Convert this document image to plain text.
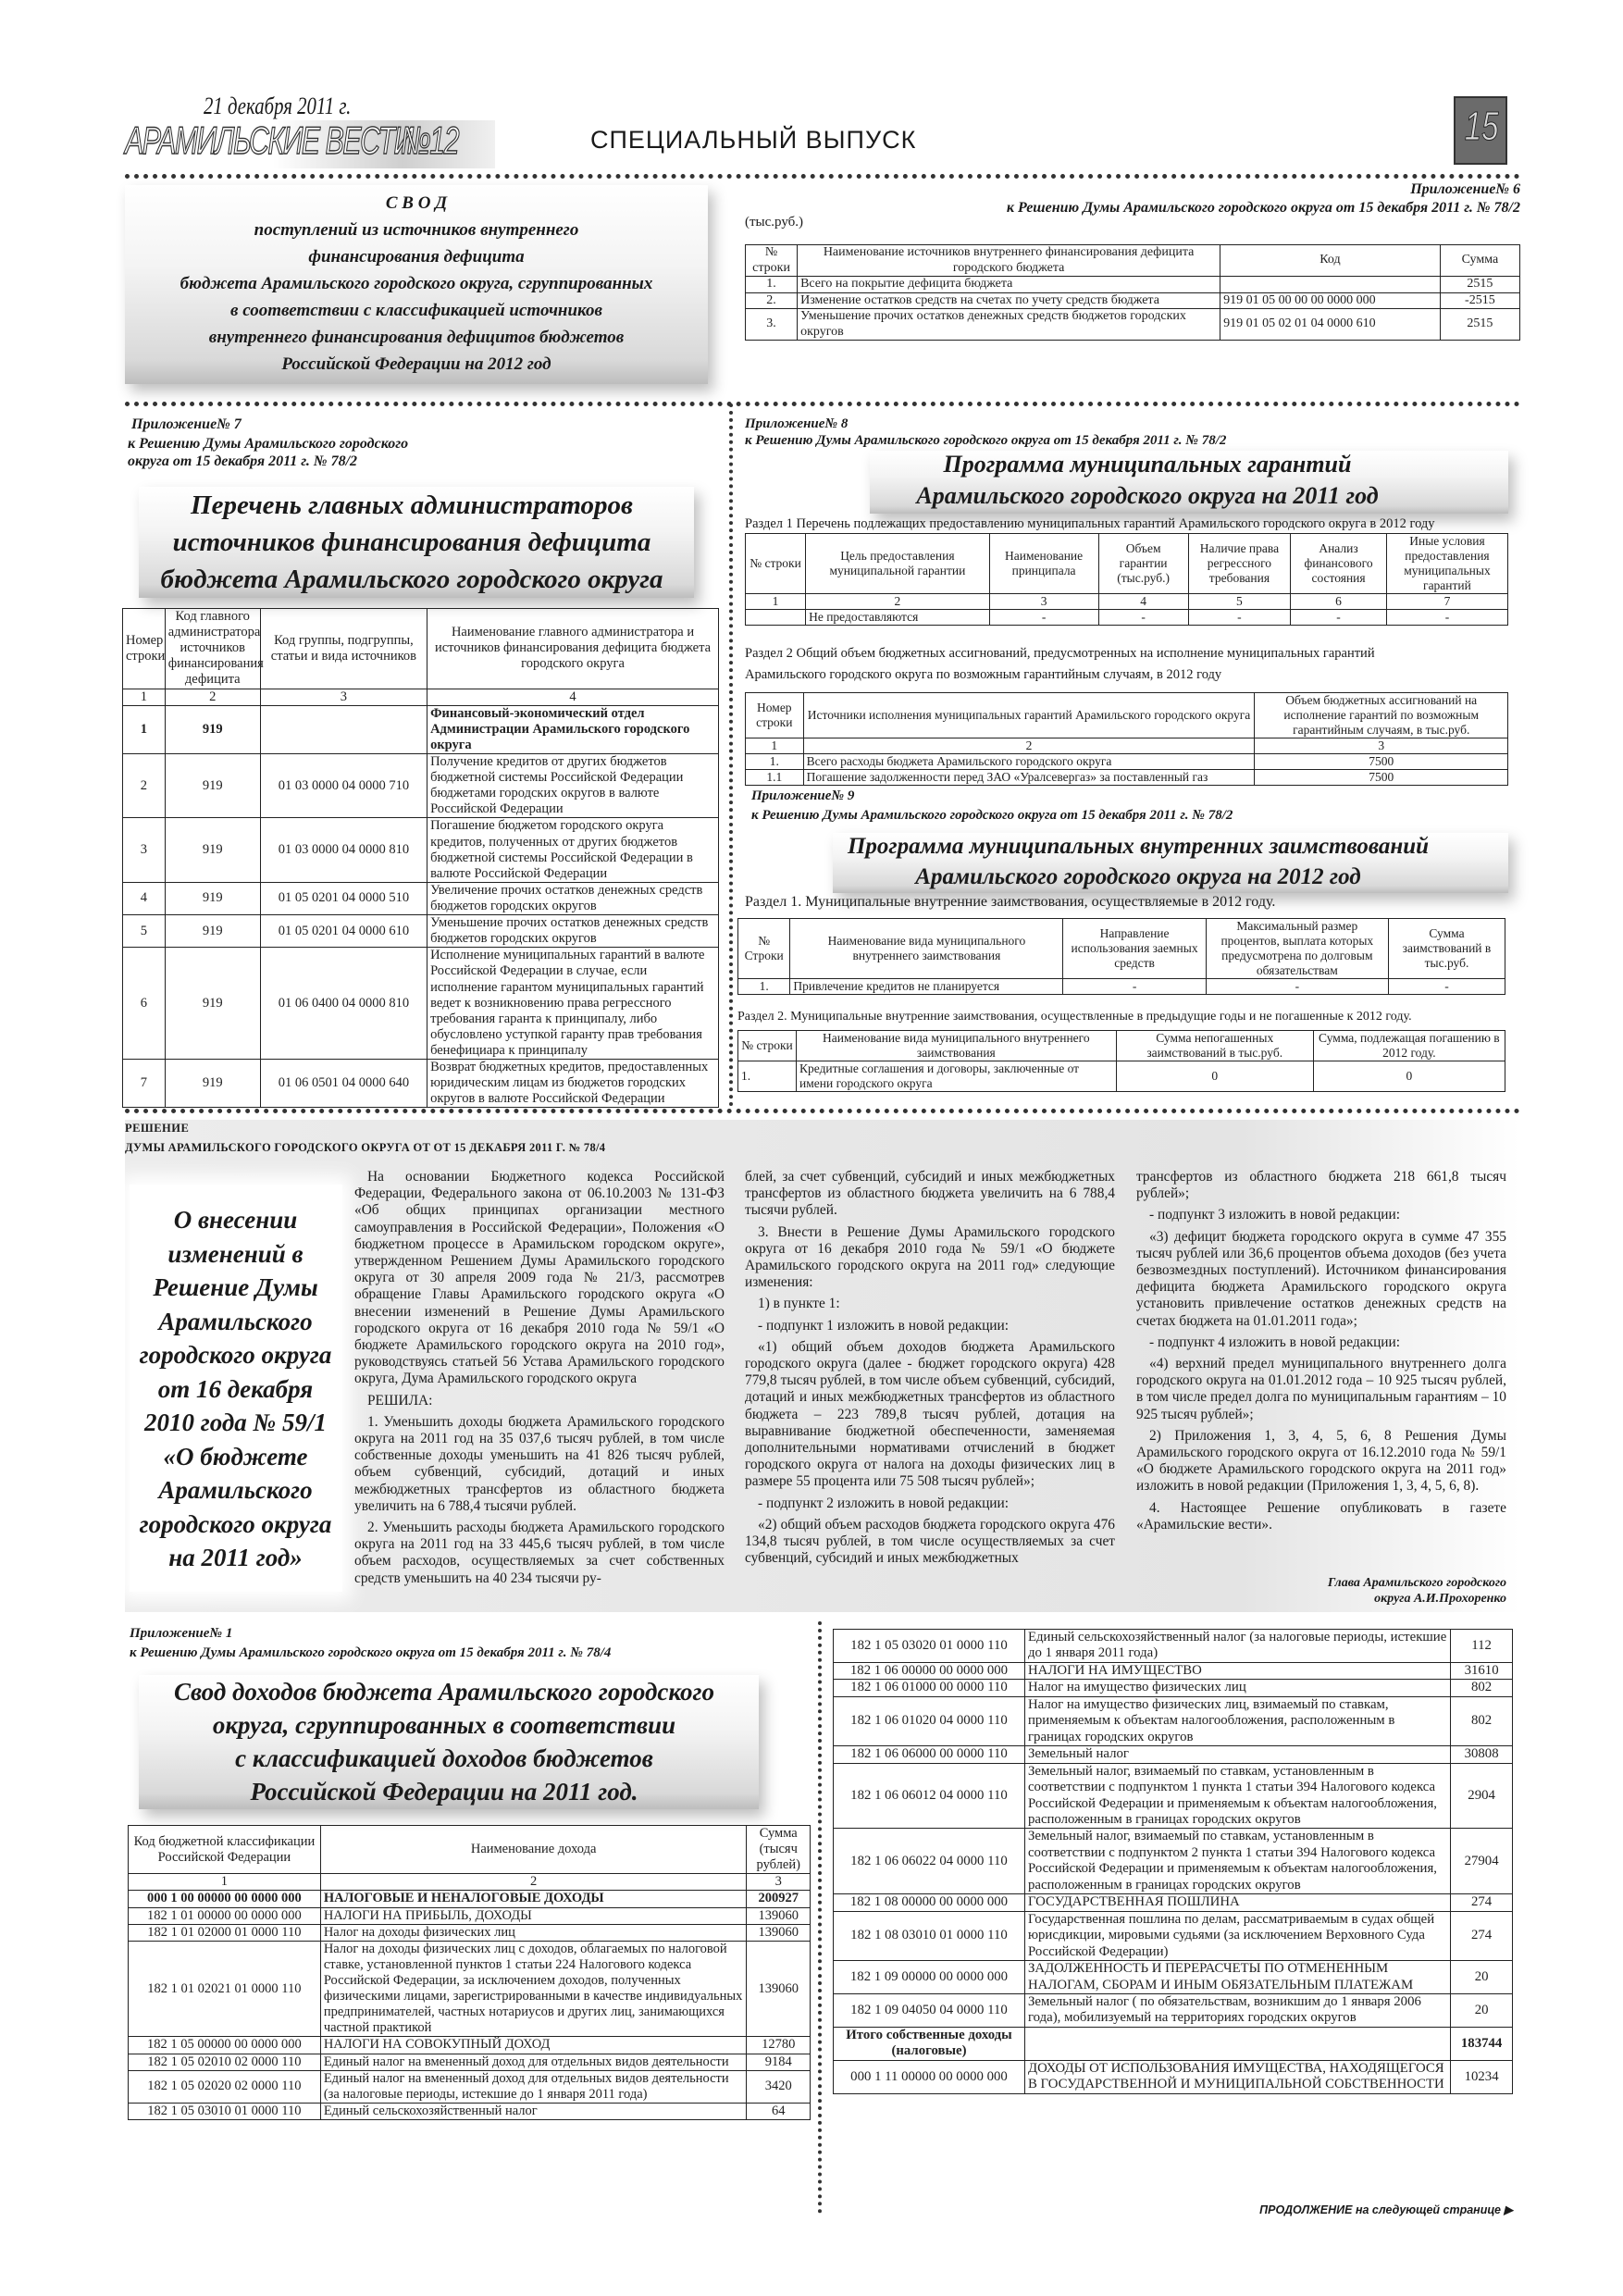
21 декабря 2011 г.
АРАМИЛЬСКИЕ ВЕСТИ
№12	СПЕЦИАЛЬНЫЙ ВЫПУСК	15
С В О Д
поступлений из источников внутреннего
финансирования дефицита
бюджета Арамильского городского округа, сгруппированных
в соответствии с классификацией источников
внутреннего финансирования дефицитов бюджетов
Российской Федерации на 2012 год
Приложение№ 6
к Решению Думы Арамильского городского округа от 15 декабря 2011 г. № 78/2
(тыс.руб.)
№ строки	Наименование источников внутреннего финансирования дефицита городского бюджета	Код	Сумма
1.	Всего на покрытие дефицита бюджета		2515
2.	Изменение остатков средств на счетах по учету средств бюджета	919 01 05 00 00 00 0000 000	-2515
3.	Уменьшение прочих остатков денежных средств бюджетов городских округов	919 01 05 02 01 04 0000 610	2515
Приложение№ 7
к Решению Думы Арамильского городского
округа от 15 декабря 2011 г. № 78/2
Перечень главных администраторов
источников финансирования дефицита
бюджета Арамильского городского округа
Номер строки	Код главного администратора источников финансирования дефицита	Код группы, подгруппы, статьи и вида источников	Наименование главного администратора и источников финансирования дефицита бюджета городского округа
1	2	3	4
1	919		Финансовый-экономический отдел Администрации Арамильского городского округа
2	919	01 03 0000 04 0000 710	Получение кредитов от других бюджетов бюджетной системы Российской Федерации бюджетами городских округов в валюте Российской Федерации
3	919	01 03 0000 04 0000 810	Погашение бюджетом городского округа кредитов, полученных от других бюджетов бюджетной системы Российской Федерации в валюте Российской Федерации
4	919	01 05 0201 04 0000 510	Увеличение прочих остатков денежных средств бюджетов городских округов
5	919	01 05 0201 04 0000 610	Уменьшение прочих остатков денежных средств бюджетов городских округов
6	919	01 06 0400 04 0000 810	Исполнение муниципальных гарантий в валюте Российской Федерации в случае, если исполнение гарантом муниципальных гарантий ведет к возникновению права регрессного требования гаранта к принципалу, либо обусловлено уступкой гаранту прав требования бенефициара к принципалу
7	919	01 06 0501 04 0000 640	Возврат бюджетных кредитов, предоставленных юридическим лицам из бюджетов городских округов в валюте Российской Федерации
Приложение№ 8
к Решению Думы Арамильского городского округа от 15 декабря 2011 г. № 78/2
Программа муниципальных гарантий
Арамильского городского округа на 2011 год
Раздел 1 Перечень подлежащих предоставлению муниципальных гарантий Арамильского городского округа в 2012 году
№ строки	Цель предоставления муниципальной гарантии	Наименование принципала	Объем гарантии (тыс.руб.)	Наличие права регрессного требования	Анализ финансового состояния	Иные условия предоставления муниципальных гарантий
1	2	3	4	5	6	7
	Не предоставляются	-	-	-	-	-
Раздел 2 Общий объем бюджетных ассигнований, предусмотренных на исполнение муниципальных гарантий Арамильского городского округа по возможным гарантийным случаям, в 2012 году
Номер строки	Источники исполнения муниципальных гарантий Арамильского городского округа	Объем бюджетных ассигнований на исполнение гарантий по возможным гарантийным случаям, в тыс.руб.
1	2	3
1.	Всего расходы бюджета Арамильского городского округа	7500
1.1	Погашение задолженности перед ЗАО «Уралсевергаз» за поставленный газ	7500
Приложение№ 9
к Решению Думы Арамильского городского округа от 15 декабря 2011 г. № 78/2
Программа муниципальных внутренних заимствований
Арамильского городского округа на 2012 год
Раздел 1. Муниципальные внутренние заимствования, осуществляемые в 2012 году.
№ Строки	Наименование вида муниципального внутреннего заимствования	Направление использования заемных средств	Максимальный размер процентов, выплата которых предусмотрена по долговым обязательствам	Сумма заимствований в тыс.руб.
1.	Привлечение кредитов не планируется	-	-	-
Раздел 2. Муниципальные внутренние заимствования, осуществленные в предыдущие годы и не погашенные к 2012 году.
№ строки	Наименование вида муниципального внутреннего заимствования	Сумма непогашенных заимствований в тыс.руб.	Сумма, подлежащая погашению в 2012 году.
1.	Кредитные соглашения и договоры, заключенные от имени городского округа	0	0
РЕШЕНИЕ
ДУМЫ АРАМИЛЬСКОГО ГОРОДСКОГО ОКРУГА ОТ ОТ 15 ДЕКАБРЯ 2011 Г. № 78/4
О внесении
изменений в
Решение Думы
Арамильского
городского округа
от 16 декабря
2010 года № 59/1
«О бюджете
Арамильского
городского округа
на 2011 год»

На основании Бюджетного кодекса Российской Федерации, Федерального закона от 06.10.2003 № 131-ФЗ «Об общих принципах организации местного самоуправления в Российской Федерации», Положения «О бюджетном процессе в Арамильском городском округе», утвержденном Решением Думы Арамильского городского округа от 30 апреля 2009 года № 21/3, рассмотрев обращение Главы Арамильского городского округа «О внесении изменений в Решение Думы Арамильского городского округа от 16 декабря 2010 года № 59/1 «О бюджете Арамильского городского округа на 2010 год», руководствуясь статьей 56 Устава Арамильского городского округа, Дума Арамильского городского округа

РЕШИЛА:

1. Уменьшить доходы бюджета Арамильского городского округа на 2011 год на 35 037,6 тысяч рублей, в том числе собственные доходы уменьшить на 41 826 тысяч рублей, объем субвенций, субсидий, дотаций и иных межбюджетных трансфертов из областного бюджета увеличить на 6 788,4 тысячи рублей.

2. Уменьшить расходы бюджета Арамильского городского округа на 2011 год на 33 445,6 тысяч рублей, в том числе объем расходов, осуществляемых за счет собственных средств уменьшить на 40 234 тысячи ру-

блей, за счет субвенций, субсидий и иных межбюджетных трансфертов из областного бюджета увеличить на 6 788,4 тысячи рублей.

3. Внести в Решение Думы Арамильского городского округа от 16 декабря 2010 года № 59/1 «О бюджете Арамильского городского округа на 2011 год» следующие изменения:

1) в пункте 1:

- подпункт 1 изложить в новой редакции:

«1) общий объем доходов бюджета Арамильского городского округа (далее - бюджет городского округа) 428 779,8 тысяч рублей, в том числе объем субвенций, субсидий, дотаций и иных межбюджетных трансфертов из областного бюджета – 223 789,8 тысяч рублей, дотация на выравнивание бюджетной обеспеченности, заменяемая дополнительными нормативами отчислений в бюджет городского округа от налога на доходы физических лиц в размере 55 процента или 75 508 тысяч рублей»;

- подпункт 2 изложить в новой редакции:

«2) общий объем расходов бюджета городского округа 476 134,8 тысяч рублей, в том числе осуществляемых за счет субвенций, субсидий и иных межбюджетных

трансфертов из областного бюджета 218 661,8 тысяч рублей»;

- подпункт 3 изложить в новой редакции:

«3) дефицит бюджета городского округа в сумме 47 355 тысяч рублей или 36,6 процентов объема доходов (без учета безвозмездных поступлений). Источником финансирования дефицита бюджета Арамильского городского округа установить привлечение остатков денежных средств на счетах бюджета на 01.01.2011 года»;

- подпункт 4 изложить в новой редакции:

«4) верхний предел муниципального внутреннего долга городского округа на 01.01.2012 года – 10 925 тысяч рублей, в том числе предел долга по муниципальным гарантиям – 10 925 тысяч рублей»;

2) Приложения 1, 3, 4, 5, 6, 8 Решения Думы Арамильского городского округа от 16.12.2010 года № 59/1 «О бюджете Арамильского городского округа на 2011 год» изложить в новой редакции (Приложения 1, 3, 4, 5, 6, 8).

4. Настоящее Решение опубликовать в газете «Арамильские вести».

Глава Арамильского городского
округа А.И.Прохоренко
Приложение№ 1
к Решению Думы Арамильского городского округа от 15 декабря 2011 г. № 78/4
Свод доходов бюджета Арамильского городского
округа, сгруппированных в соответствии
с классификацией доходов бюджетов
Российской Федерации на 2011 год.
Код бюджетной классификации Российской Федерации	Наименование дохода	Сумма (тысяч рублей)
1	2	3
000 1 00 00000 00 0000 000	НАЛОГОВЫЕ И НЕНАЛОГОВЫЕ ДОХОДЫ	200927
182 1 01 00000 00 0000 000	НАЛОГИ НА ПРИБЫЛЬ, ДОХОДЫ	139060
182 1 01 02000 01 0000 110	Налог на доходы физических лиц	139060
182 1 01 02021 01 0000 110	Налог на доходы физических лиц с доходов, облагаемых по налоговой ставке, установленной пунктов 1 статьи 224 Налогового кодекса Российской Федерации, за исключением доходов, полученных физическими лицами, зарегистрированными в качестве индивидуальных предпринимателей, частных нотариусов и других лиц, занимающихся частной практикой	139060
182 1 05 00000 00 0000 000	НАЛОГИ НА СОВОКУПНЫЙ ДОХОД	12780
182 1 05 02010 02 0000 110	Единый налог на вмененный доход для отдельных видов деятельности	9184
182 1 05 02020 02 0000 110	Единый налог на вмененный доход для отдельных видов деятельности (за налоговые периоды, истекшие до 1 января 2011 года)	3420
182 1 05 03010 01 0000 110	Единый сельскохозяйственный налог	64
182 1 05 03020 01 0000 110	Единый сельскохозяйственный налог (за налоговые периоды, истекшие до 1 января 2011 года)	112
182 1 06 00000 00 0000 000	НАЛОГИ НА ИМУЩЕСТВО	31610
182 1 06 01000 00 0000 110	Налог на имущество физических лиц	802
182 1 06 01020 04 0000 110	Налог на имущество физических лиц, взимаемый по ставкам, применяемым к объектам налогообложения, расположенным в границах городских округов	802
182 1 06 06000 00 0000 110	Земельный налог	30808
182 1 06 06012 04 0000 110	Земельный налог, взимаемый по ставкам, установленным в соответствии с подпунктом 1 пункта 1 статьи 394 Налогового кодекса Российской Федерации и применяемым к объектам налогообложения, расположенным в границах городских округов	2904
182 1 06 06022 04 0000 110	Земельный налог, взимаемый по ставкам, установленным в соответствии с подпунктом 2 пункта 1 статьи 394 Налогового кодекса Российской Федерации и применяемым к объектам налогообложения, расположенным в границах городских округов	27904
182 1 08 00000 00 0000 000	ГОСУДАРСТВЕННАЯ ПОШЛИНА	274
182 1 08 03010 01 0000 110	Государственная пошлина по делам, рассматриваемым в судах общей юрисдикции, мировыми судьями (за исключением Верховного Суда Российской Федерации)	274
182 1 09 00000 00 0000 000	ЗАДОЛЖЕННОСТЬ И ПЕРЕРАСЧЕТЫ ПО ОТМЕНЕННЫМ НАЛОГАМ, СБОРАМ И ИНЫМ ОБЯЗАТЕЛЬНЫМ ПЛАТЕЖАМ	20
182 1 09 04050 04 0000 110	Земельный налог ( по обязательствам, возникшим до 1 января 2006 года), мобилизуемый на территориях городских округов	20
Итого собственные доходы (налоговые)		183744
000 1 11 00000 00 0000 000	ДОХОДЫ ОТ ИСПОЛЬЗОВАНИЯ ИМУЩЕСТВА, НАХОДЯЩЕГОСЯ В ГОСУДАРСТВЕННОЙ И МУНИЦИПАЛЬНОЙ СОБСТВЕННОСТИ	10234
ПРОДОЛЖЕНИЕ на следующей странице ▶
